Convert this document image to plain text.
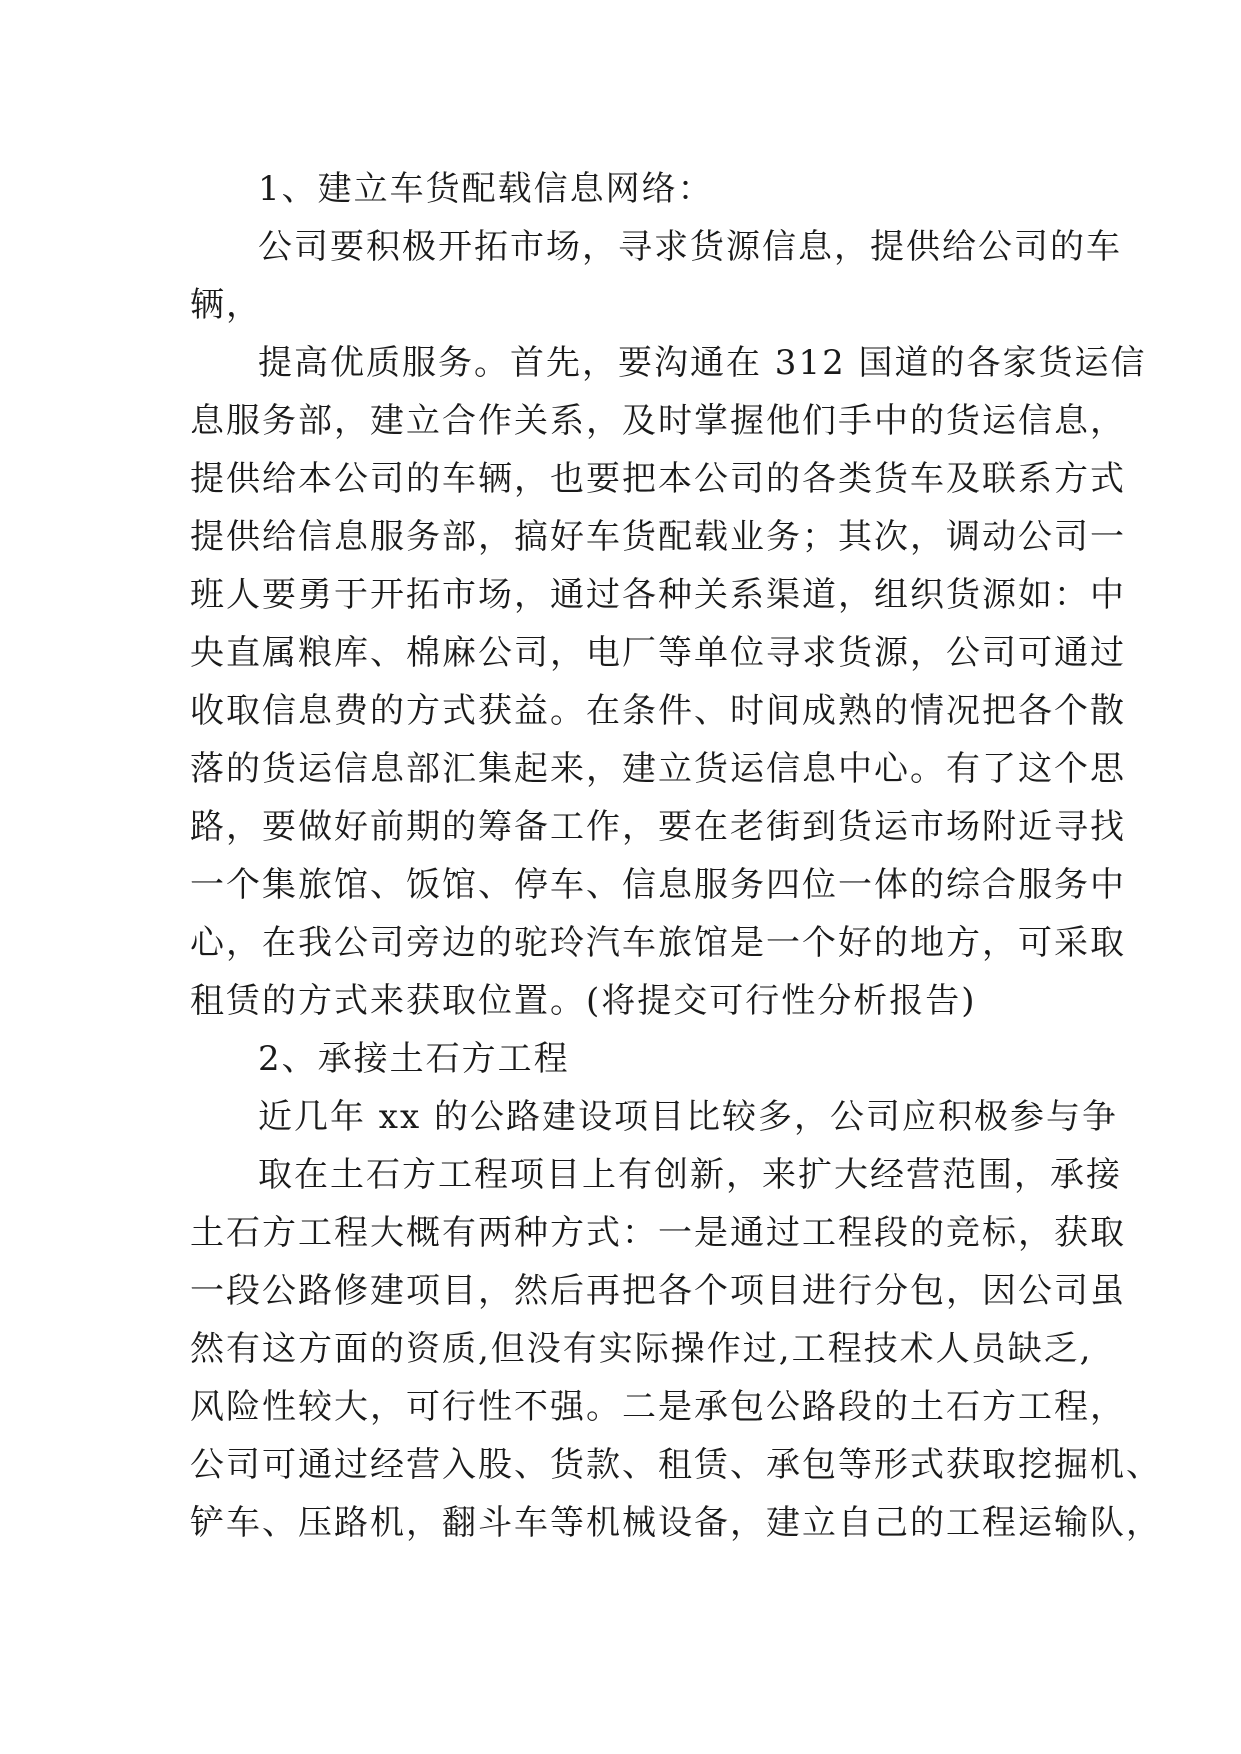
1、建立车货配载信息网络：
公司要积极开拓市场，寻求货源信息，提供给公司的车
辆，
提高优质服务。首先，要沟通在 312 国道的各家货运信
息服务部，建立合作关系，及时掌握他们手中的货运信息，
提供给本公司的车辆，也要把本公司的各类货车及联系方式
提供给信息服务部，搞好车货配载业务；其次，调动公司一
班人要勇于开拓市场，通过各种关系渠道，组织货源如：中
央直属粮库、棉麻公司，电厂等单位寻求货源，公司可通过
收取信息费的方式获益。在条件、时间成熟的情况把各个散
落的货运信息部汇集起来，建立货运信息中心。有了这个思
路，要做好前期的筹备工作，要在老街到货运市场附近寻找
一个集旅馆、饭馆、停车、信息服务四位一体的综合服务中
心，在我公司旁边的驼玲汽车旅馆是一个好的地方，可采取
租赁的方式来获取位置。(将提交可行性分析报告)
2、承接土石方工程
近几年 xx 的公路建设项目比较多，公司应积极参与争
取在土石方工程项目上有创新，来扩大经营范围，承接
土石方工程大概有两种方式：一是通过工程段的竞标，获取
一段公路修建项目，然后再把各个项目进行分包，因公司虽
然有这方面的资质,但没有实际操作过,工程技术人员缺乏,
风险性较大，可行性不强。二是承包公路段的土石方工程，
公司可通过经营入股、货款、租赁、承包等形式获取挖掘机、
铲车、压路机，翻斗车等机械设备，建立自己的工程运输队，
